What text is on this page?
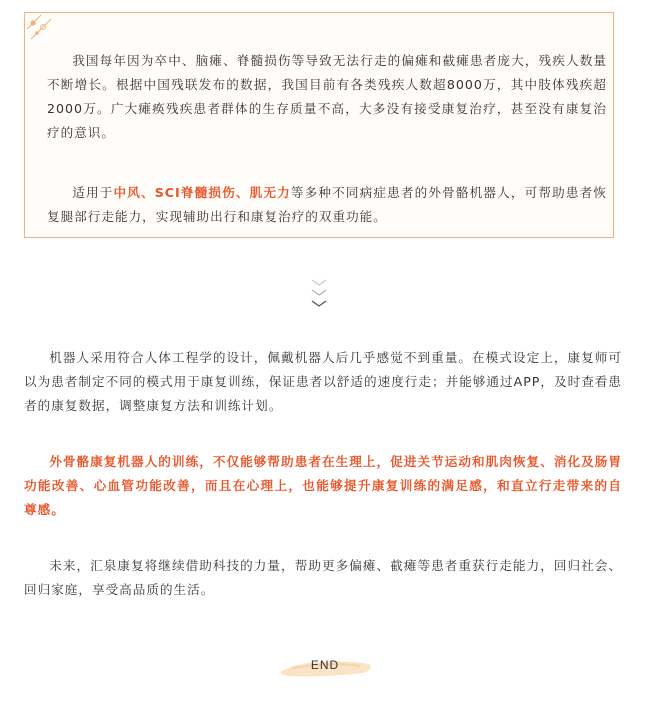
我国每年因为卒中、脑瘫、脊髓损伤等导致无法行走的偏瘫和截瘫患者庞大，残疾人数量不断增长。根据中国残联发布的数据，我国目前有各类残疾人数超8000万，其中肢体残疾超2000万。广大瘫痪残疾患者群体的生存质量不高，大多没有接受康复治疗，甚至没有康复治疗的意识。

适用于中风、SCI脊髓损伤、肌无力等多种不同病症患者的外骨骼机器人，可帮助患者恢复腿部行走能力，实现辅助出行和康复治疗的双重功能。

机器人采用符合人体工程学的设计，佩戴机器人后几乎感觉不到重量。在模式设定上，康复师可以为患者制定不同的模式用于康复训练，保证患者以舒适的速度行走；并能够通过APP，及时查看患者的康复数据，调整康复方法和训练计划。

外骨骼康复机器人的训练，不仅能够帮助患者在生理上，促进关节运动和肌肉恢复、消化及肠胃功能改善、心血管功能改善，而且在心理上，也能够提升康复训练的满足感，和直立行走带来的自尊感。

未来，汇泉康复将继续借助科技的力量，帮助更多偏瘫、截瘫等患者重获行走能力，回归社会、回归家庭，享受高品质的生活。

END
